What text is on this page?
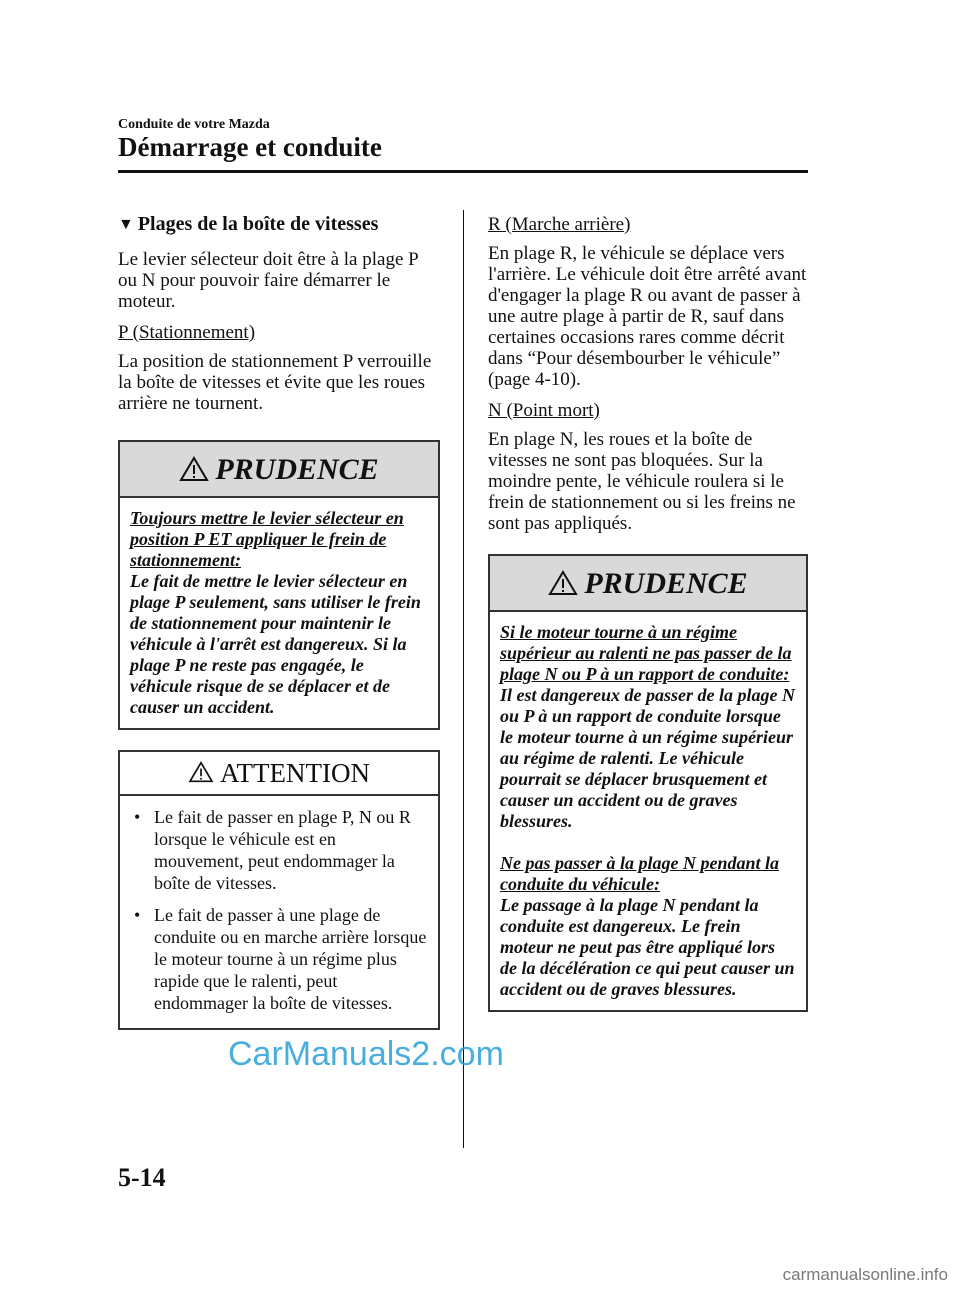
Conduite de votre Mazda
Démarrage et conduite
▼ Plages de la boîte de vitesses

Le levier sélecteur doit être à la plage P ou N pour pouvoir faire démarrer le moteur.

P (Stationnement)

La position de stationnement P verrouille la boîte de vitesses et évite que les roues arrière ne tournent.

PRUDENCE
Toujours mettre le levier sélecteur en position P ET appliquer le frein de stationnement:
Le fait de mettre le levier sélecteur en plage P seulement, sans utiliser le frein de stationnement pour maintenir le véhicule à l'arrêt est dangereux. Si la plage P ne reste pas engagée, le véhicule risque de se déplacer et de causer un accident.
ATTENTION
• Le fait de passer en plage P, N ou R lorsque le véhicule est en mouvement, peut endommager la boîte de vitesses.
• Le fait de passer à une plage de conduite ou en marche arrière lorsque le moteur tourne à un régime plus rapide que le ralenti, peut endommager la boîte de vitesses.
R (Marche arrière)

En plage R, le véhicule se déplace vers l'arrière. Le véhicule doit être arrêté avant d'engager la plage R ou avant de passer à une autre plage à partir de R, sauf dans certaines occasions rares comme décrit dans “Pour désembourber le véhicule” (page 4-10).

N (Point mort)

En plage N, les roues et la boîte de vitesses ne sont pas bloquées. Sur la moindre pente, le véhicule roulera si le frein de stationnement ou si les freins ne sont pas appliqués.

PRUDENCE
Si le moteur tourne à un régime supérieur au ralenti ne pas passer de la plage N ou P à un rapport de conduite:
Il est dangereux de passer de la plage N ou P à un rapport de conduite lorsque le moteur tourne à un régime supérieur au régime de ralenti. Le véhicule pourrait se déplacer brusquement et causer un accident ou de graves blessures.
Ne pas passer à la plage N pendant la conduite du véhicule:
Le passage à la plage N pendant la conduite est dangereux. Le frein moteur ne peut pas être appliqué lors de la décélération ce qui peut causer un accident ou de graves blessures.
CarManuals2.com
5-14
carmanualsonline.info
